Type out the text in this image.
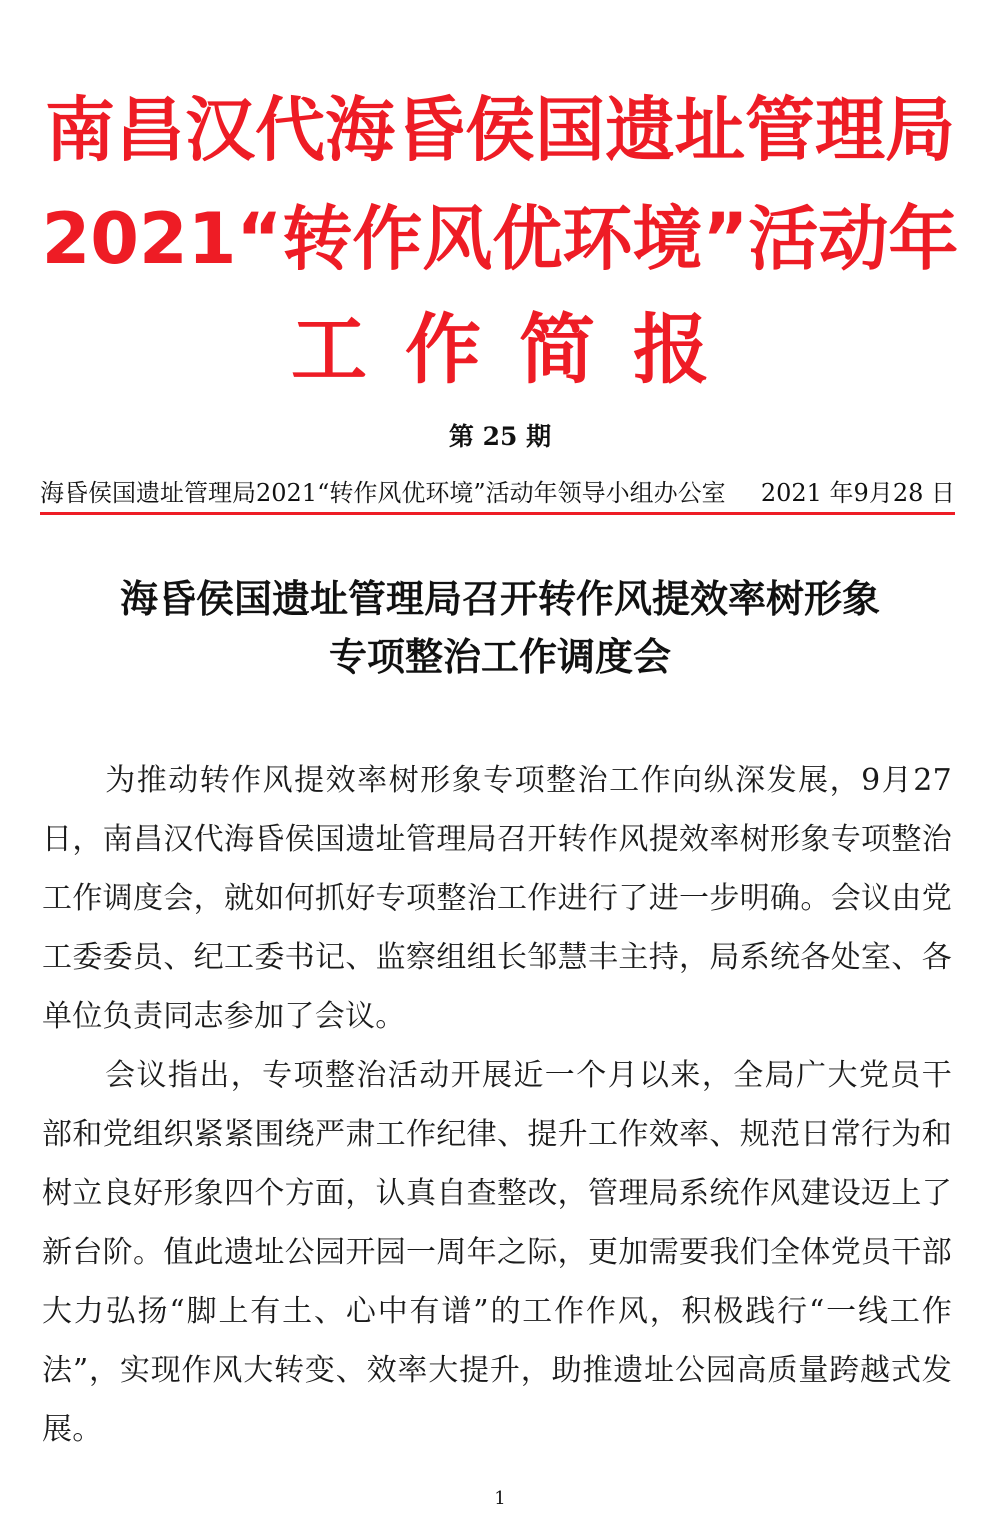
南昌汉代海昏侯国遗址管理局
2021“转作风优环境”活动年
工作简报
第 25 期
海昏侯国遗址管理局2021“转作风优环境”活动年领导小组办公室 2021 年9月28 日
海昏侯国遗址管理局召开转作风提效率树形象
专项整治工作调度会
为推动转作风提效率树形象专项整治工作向纵深发展，9月27 日，南昌汉代海昏侯国遗址管理局召开转作风提效率树形象专项整治工作调度会，就如何抓好专项整治工作进行了进一步明确。会议由党工委委员、纪工委书记、监察组组长邹慧丰主持，局系统各处室、各单位负责同志参加了会议。
会议指出，专项整治活动开展近一个月以来，全局广大党员干部和党组织紧紧围绕严肃工作纪律、提升工作效率、规范日常行为和树立良好形象四个方面，认真自查整改，管理局系统作风建设迈上了新台阶。值此遗址公园开园一周年之际，更加需要我们全体党员干部大力弘扬“脚上有土、心中有谱”的工作作风，积极践行“一线工作法”，实现作风大转变、效率大提升，助推遗址公园高质量跨越式发展。
1
